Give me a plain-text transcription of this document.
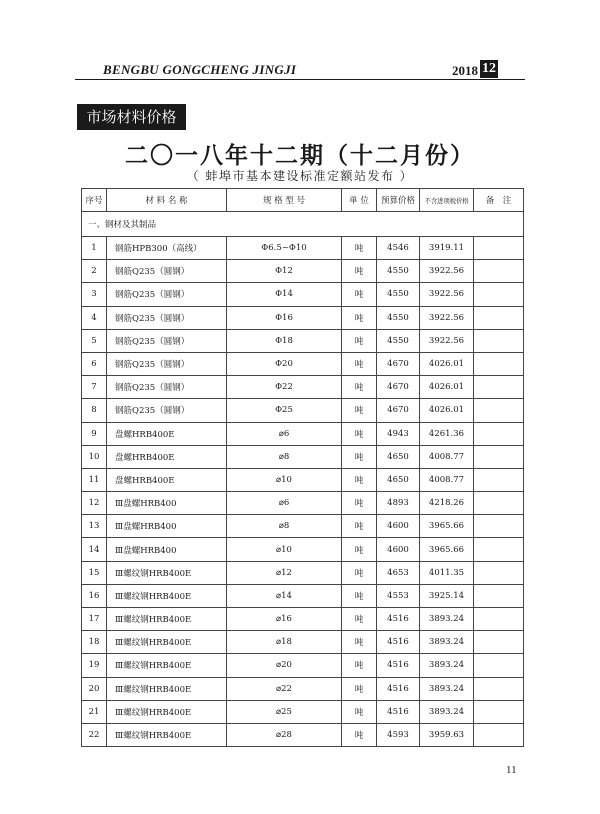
BENGBU GONGCHENG JINGJI	2018 12
市场材料价格
二〇一八年十二期（十二月份）
（ 蚌埠市基本建设标准定额站发布 ）
序号	材 料 名 称	规 格 型 号	单 位	预算价格	不含进项税价格	备　注
一、钢材及其制品						
1	钢筋HPB300（高线）	Φ6.5~Φ10	吨	4546	3919.11	
2	钢筋Q235（圆钢）	Φ12	吨	4550	3922.56	
3	钢筋Q235（圆钢）	Φ14	吨	4550	3922.56	
4	钢筋Q235（圆钢）	Φ16	吨	4550	3922.56	
5	钢筋Q235（圆钢）	Φ18	吨	4550	3922.56	
6	钢筋Q235（圆钢）	Φ20	吨	4670	4026.01	
7	钢筋Q235（圆钢）	Φ22	吨	4670	4026.01	
8	钢筋Q235（圆钢）	Φ25	吨	4670	4026.01	
9	盘螺HRB400E	⌀6	吨	4943	4261.36	
10	盘螺HRB400E	⌀8	吨	4650	4008.77	
11	盘螺HRB400E	⌀10	吨	4650	4008.77	
12	Ⅲ盘螺HRB400	⌀6	吨	4893	4218.26	
13	Ⅲ盘螺HRB400	⌀8	吨	4600	3965.66	
14	Ⅲ盘螺HRB400	⌀10	吨	4600	3965.66	
15	Ⅲ螺纹钢HRB400E	⌀12	吨	4653	4011.35	
16	Ⅲ螺纹钢HRB400E	⌀14	吨	4553	3925.14	
17	Ⅲ螺纹钢HRB400E	⌀16	吨	4516	3893.24	
18	Ⅲ螺纹钢HRB400E	⌀18	吨	4516	3893.24	
19	Ⅲ螺纹钢HRB400E	⌀20	吨	4516	3893.24	
20	Ⅲ螺纹钢HRB400E	⌀22	吨	4516	3893.24	
21	Ⅲ螺纹钢HRB400E	⌀25	吨	4516	3893.24	
22	Ⅲ螺纹钢HRB400E	⌀28	吨	4593	3959.63	
11
